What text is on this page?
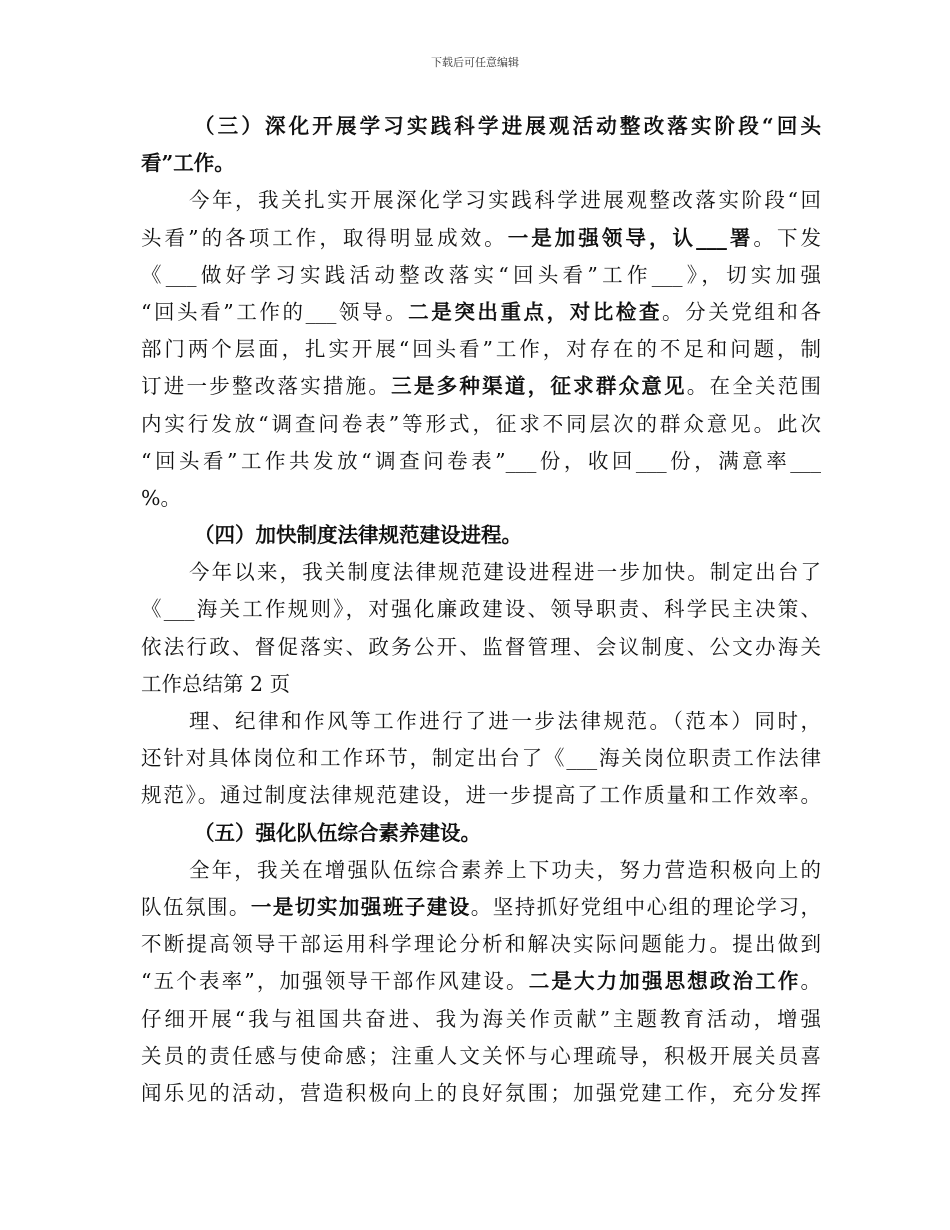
下载后可任意编辑
（三）深化开展学习实践科学进展观活动整改落实阶段“回头
看”工作。
今年，我关扎实开展深化学习实践科学进展观整改落实阶段“回
头看”的各项工作，取得明显成效。一是加强领导，认___署。下发
《___做好学习实践活动整改落实“回头看”工作___》，切实加强
“回头看”工作的___领导。二是突出重点，对比检查。分关党组和各
部门两个层面，扎实开展“回头看”工作，对存在的不足和问题，制
订进一步整改落实措施。三是多种渠道，征求群众意见。在全关范围
内实行发放“调查问卷表”等形式，征求不同层次的群众意见。此次
“回头看”工作共发放“调查问卷表”___份，收回___份，满意率___
%。
（四）加快制度法律规范建设进程。
今年以来，我关制度法律规范建设进程进一步加快。制定出台了
《___海关工作规则》，对强化廉政建设、领导职责、科学民主决策、
依法行政、督促落实、政务公开、监督管理、会议制度、公文办海关
工作总结第 2 页
理、纪律和作风等工作进行了进一步法律规范。（范本）同时，
还针对具体岗位和工作环节，制定出台了《___海关岗位职责工作法律
规范》。通过制度法律规范建设，进一步提高了工作质量和工作效率。
（五）强化队伍综合素养建设。
全年，我关在增强队伍综合素养上下功夫，努力营造积极向上的
队伍氛围。一是切实加强班子建设。坚持抓好党组中心组的理论学习，
不断提高领导干部运用科学理论分析和解决实际问题能力。提出做到
“五个表率”，加强领导干部作风建设。二是大力加强思想政治工作。
仔细开展“我与祖国共奋进、我为海关作贡献”主题教育活动，增强
关员的责任感与使命感；注重人文关怀与心理疏导，积极开展关员喜
闻乐见的活动，营造积极向上的良好氛围；加强党建工作，充分发挥
